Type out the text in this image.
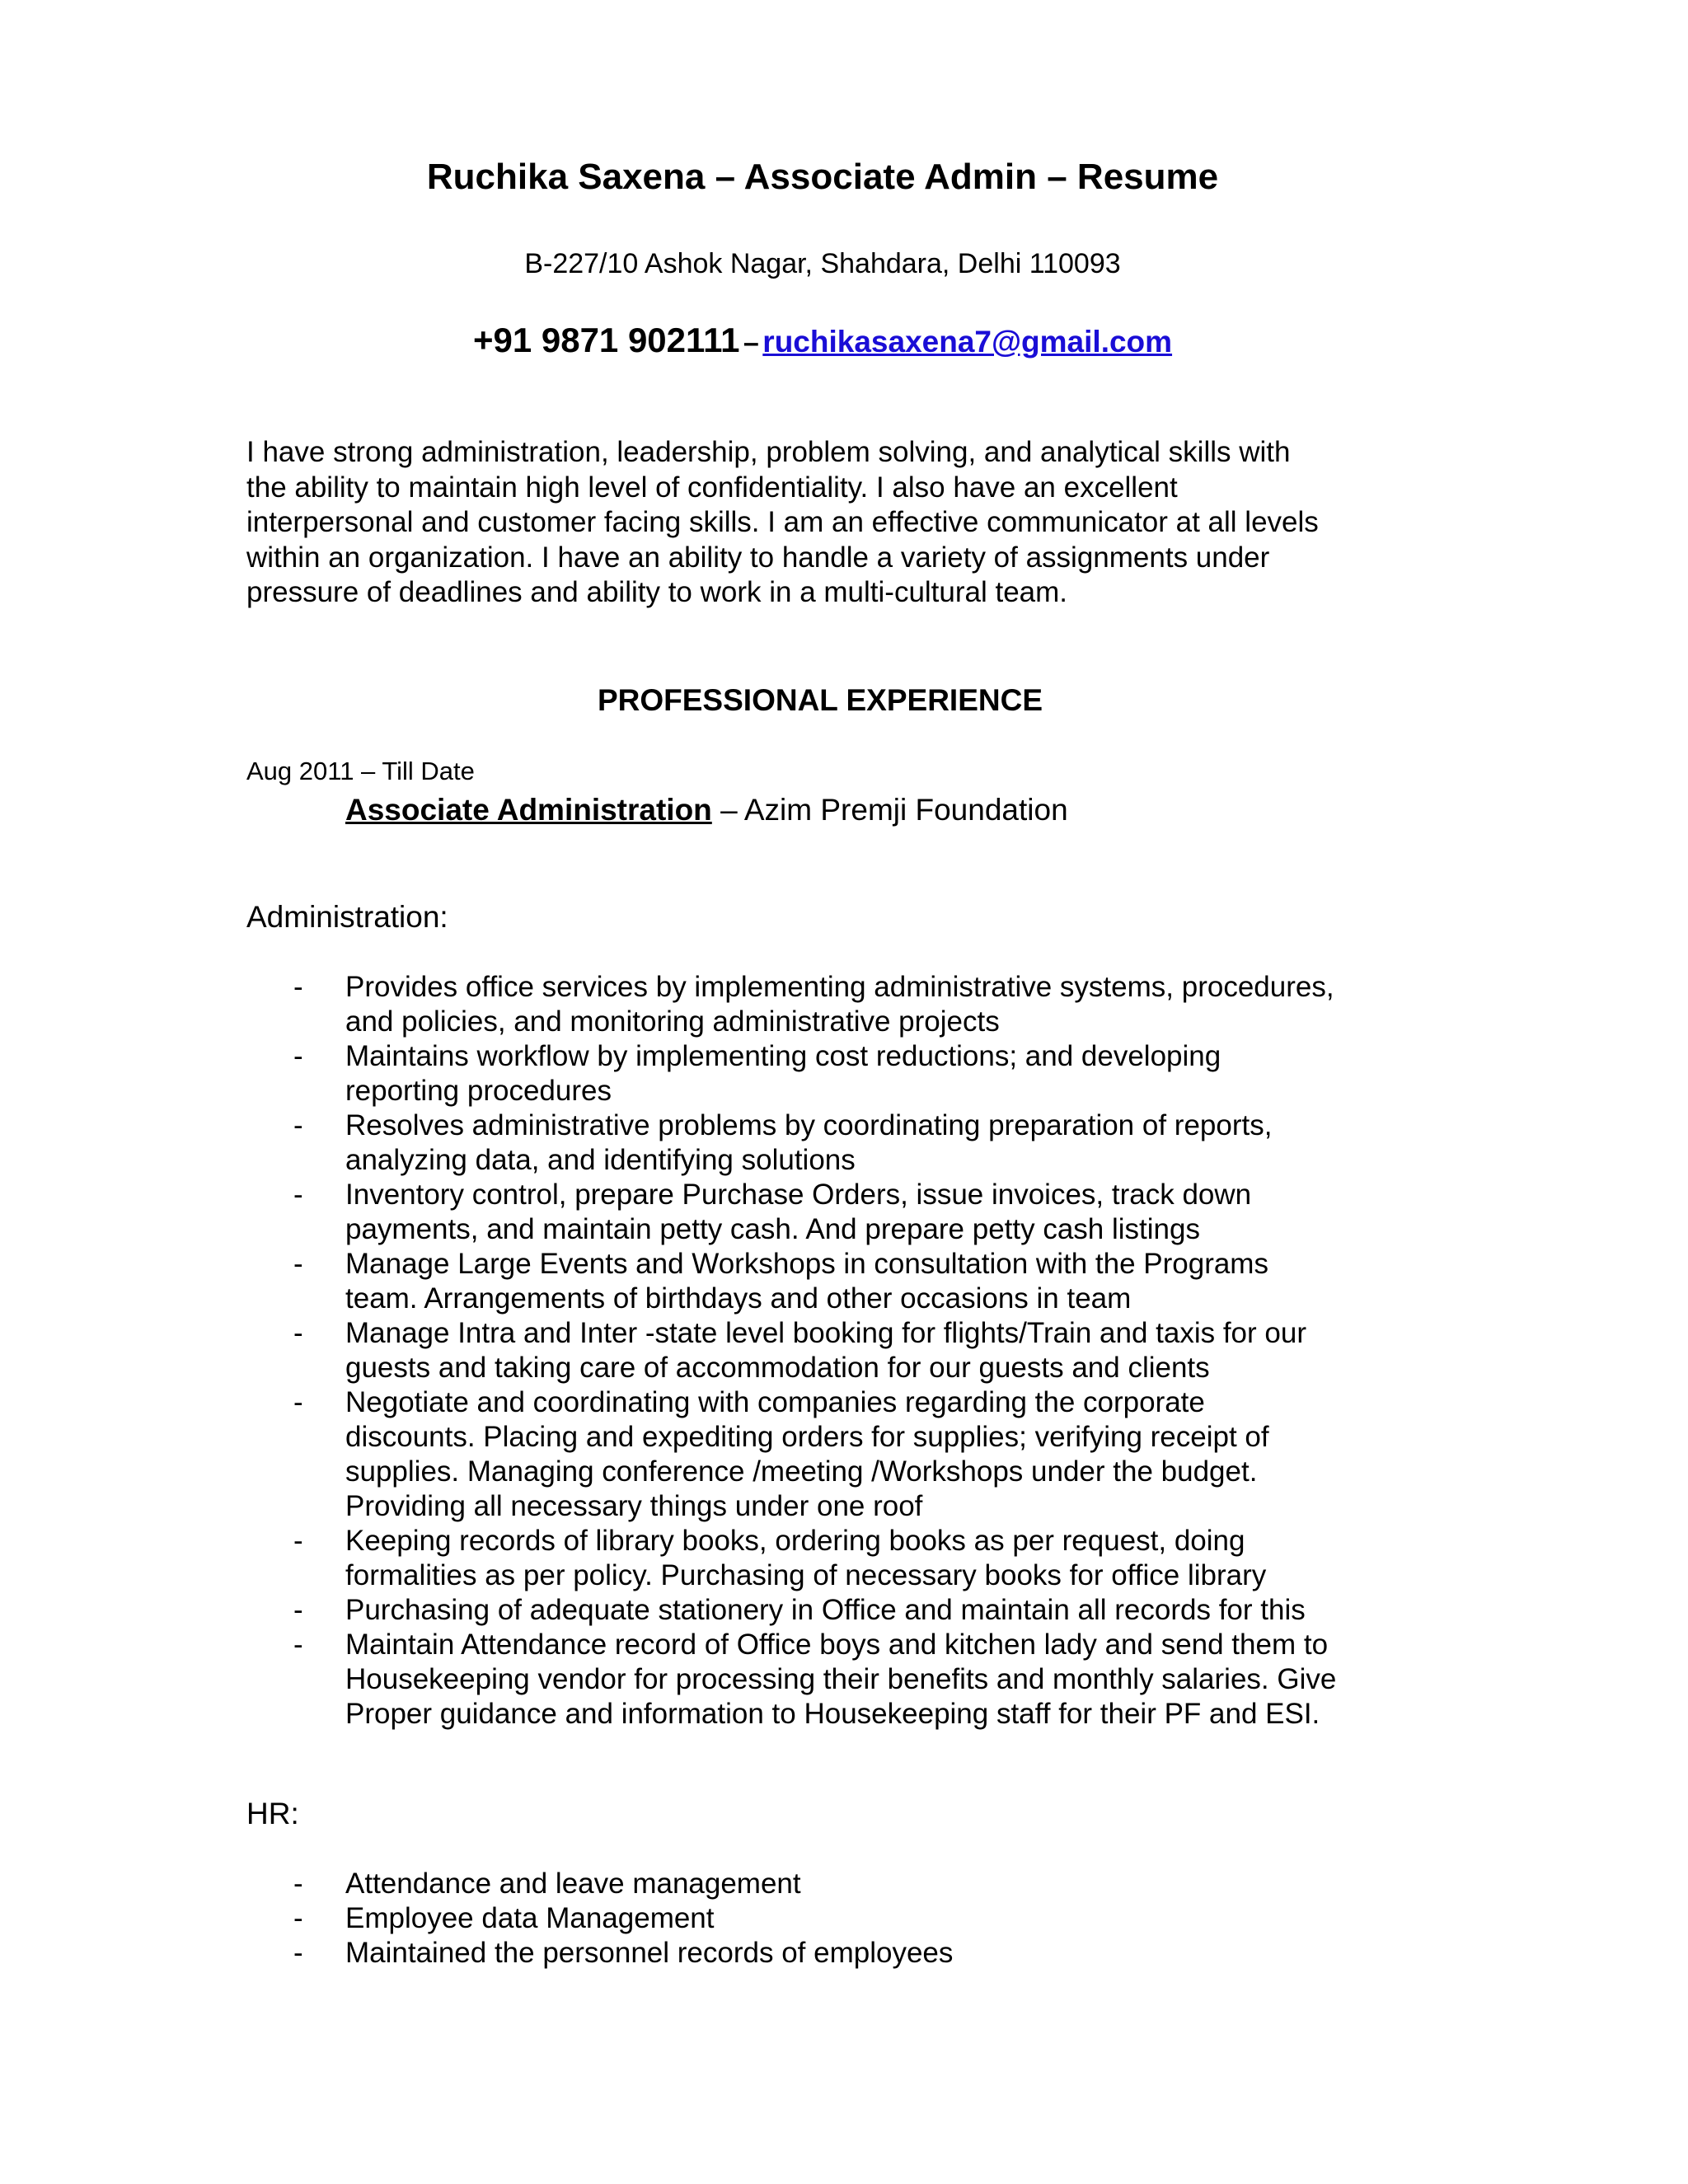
Ruchika Saxena – Associate Admin – Resume
B-227/10 Ashok Nagar, Shahdara, Delhi 110093
+91 9871 902111 – ruchikasaxena7@gmail.com
I have strong administration, leadership, problem solving, and analytical skills with
the ability to maintain high level of confidentiality. I also have an excellent
interpersonal and customer facing skills. I am an effective communicator at all levels
within an organization. I have an ability to handle a variety of assignments under
pressure of deadlines and ability to work in a multi-cultural team.
PROFESSIONAL EXPERIENCE
Aug 2011 – Till Date
Associate Administration – Azim Premji Foundation
Administration:
- Provides office services by implementing administrative systems, procedures,
and policies, and monitoring administrative projects
- Maintains workflow by implementing cost reductions; and developing
reporting procedures
- Resolves administrative problems by coordinating preparation of reports,
analyzing data, and identifying solutions
- Inventory control, prepare Purchase Orders, issue invoices, track down
payments, and maintain petty cash. And prepare petty cash listings
- Manage Large Events and Workshops in consultation with the Programs
team. Arrangements of birthdays and other occasions in team
- Manage Intra and Inter -state level booking for flights/Train and taxis for our
guests and taking care of accommodation for our guests and clients
- Negotiate and coordinating with companies regarding the corporate
discounts. Placing and expediting orders for supplies; verifying receipt of
supplies. Managing conference /meeting /Workshops under the budget.
Providing all necessary things under one roof
- Keeping records of library books, ordering books as per request, doing
formalities as per policy. Purchasing of necessary books for office library
- Purchasing of adequate stationery in Office and maintain all records for this
- Maintain Attendance record of Office boys and kitchen lady and send them to
Housekeeping vendor for processing their benefits and monthly salaries. Give
Proper guidance and information to Housekeeping staff for their PF and ESI.
HR:
- Attendance and leave management
- Employee data Management
- Maintained the personnel records of employees
